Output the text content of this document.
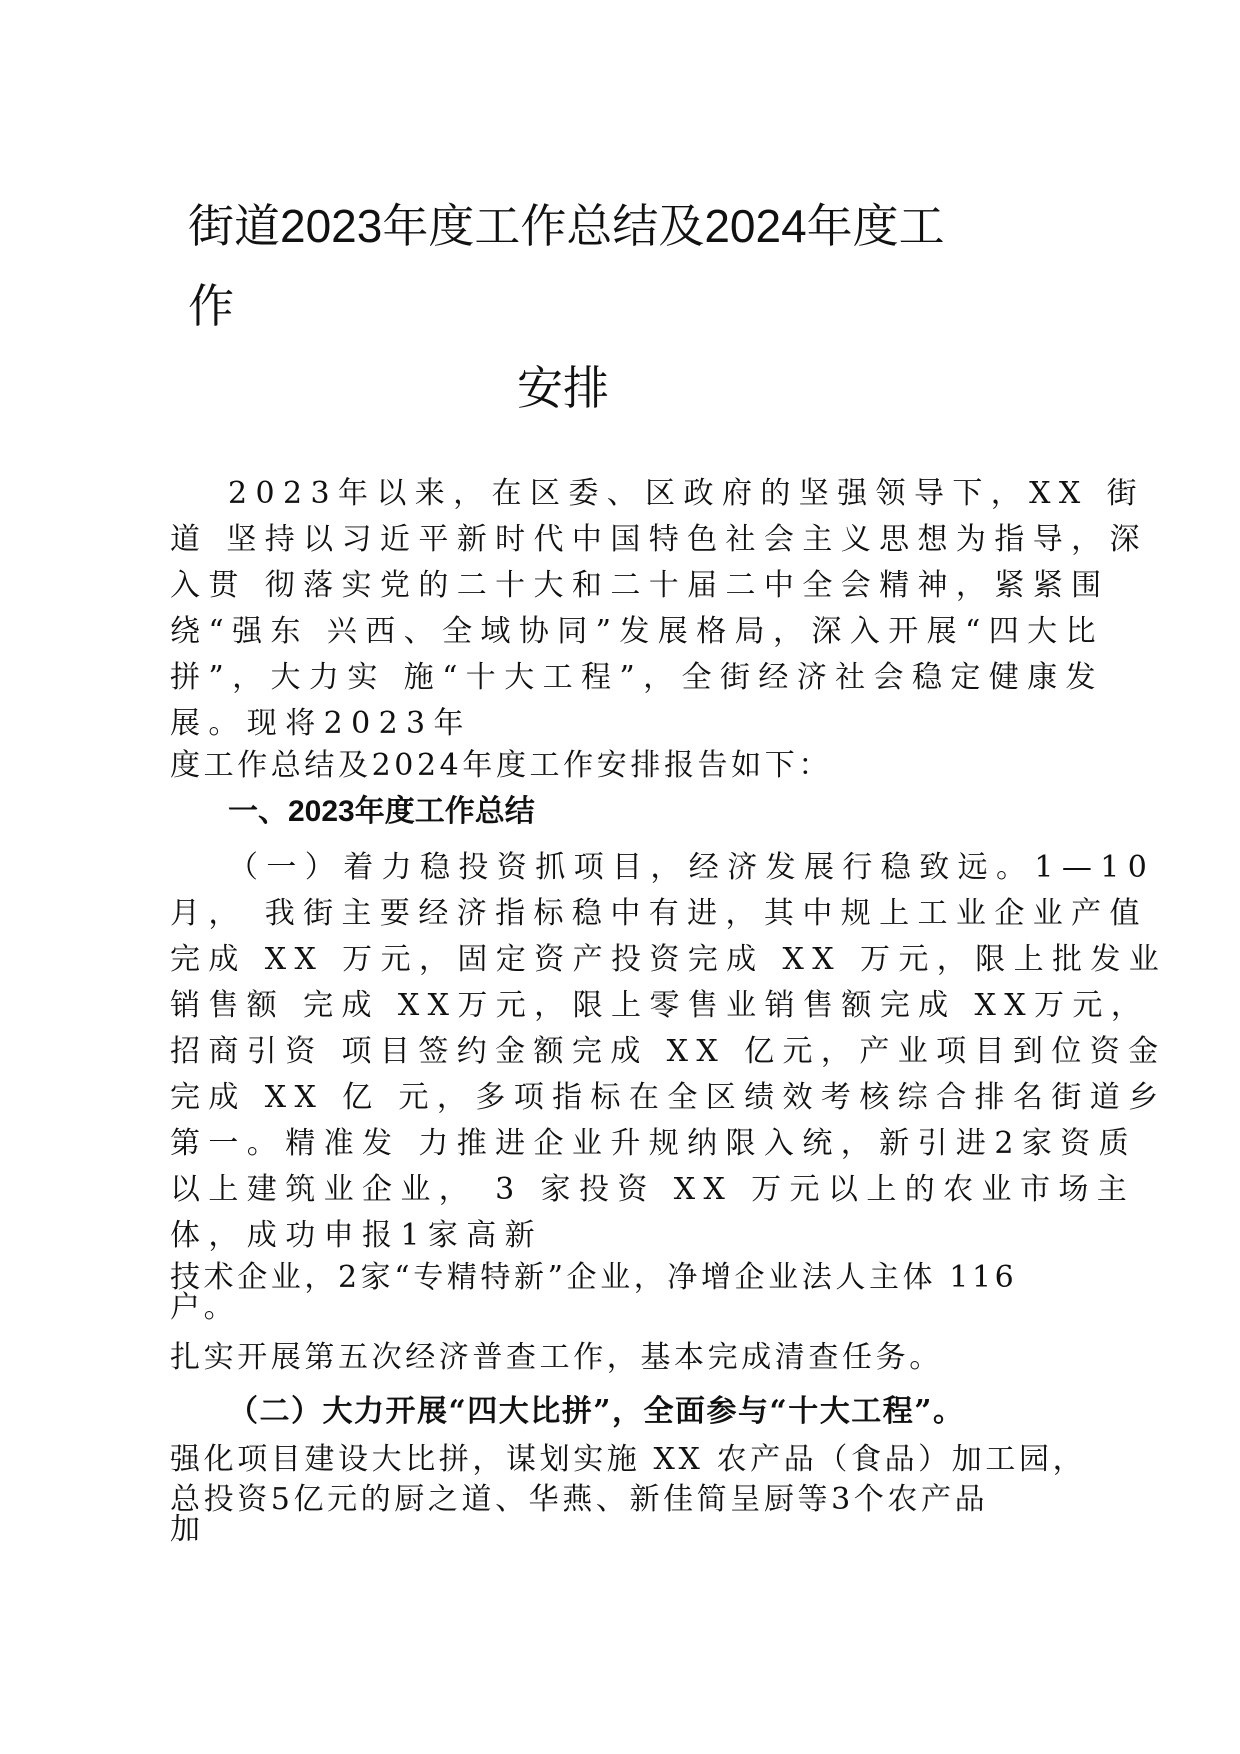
街道2023年度工作总结及2024年度工
作
安排
2023年以来，在区委、区政府的坚强领导下，XX 街
道 坚持以习近平新时代中国特色社会主义思想为指导，深
入贯 彻落实党的二十大和二十届二中全会精神，紧紧围
绕“强东 兴西、全域协同”发展格局，深入开展“四大比
拼”，大力实 施“十大工程”，全街经济社会稳定健康发
展。现将2023年
度工作总结及2024年度工作安排报告如下：
一、2023年度工作总结
（一）着力稳投资抓项目，经济发展行稳致远。1—10
月， 我街主要经济指标稳中有进，其中规上工业企业产值
完成 XX 万元，固定资产投资完成 XX 万元，限上批发业
销售额 完成 XX万元，限上零售业销售额完成 XX万元，
招商引资 项目签约金额完成 XX 亿元，产业项目到位资金
完成 XX 亿 元，多项指标在全区绩效考核综合排名街道乡
第一。精准发 力推进企业升规纳限入统，新引进2家资质
以上建筑业企业， 3 家投资 XX 万元以上的农业市场主
体，成功申报1家高新
技术企业，2家“专精特新”企业，净增企业法人主体 116
户。
扎实开展第五次经济普查工作，基本完成清查任务。
（二）大力开展“四大比拼”，全面参与“十大工程”。
强化项目建设大比拼，谋划实施 XX 农产品（食品）加工园，
总投资5亿元的厨之道、华燕、新佳简呈厨等3个农产品
加
